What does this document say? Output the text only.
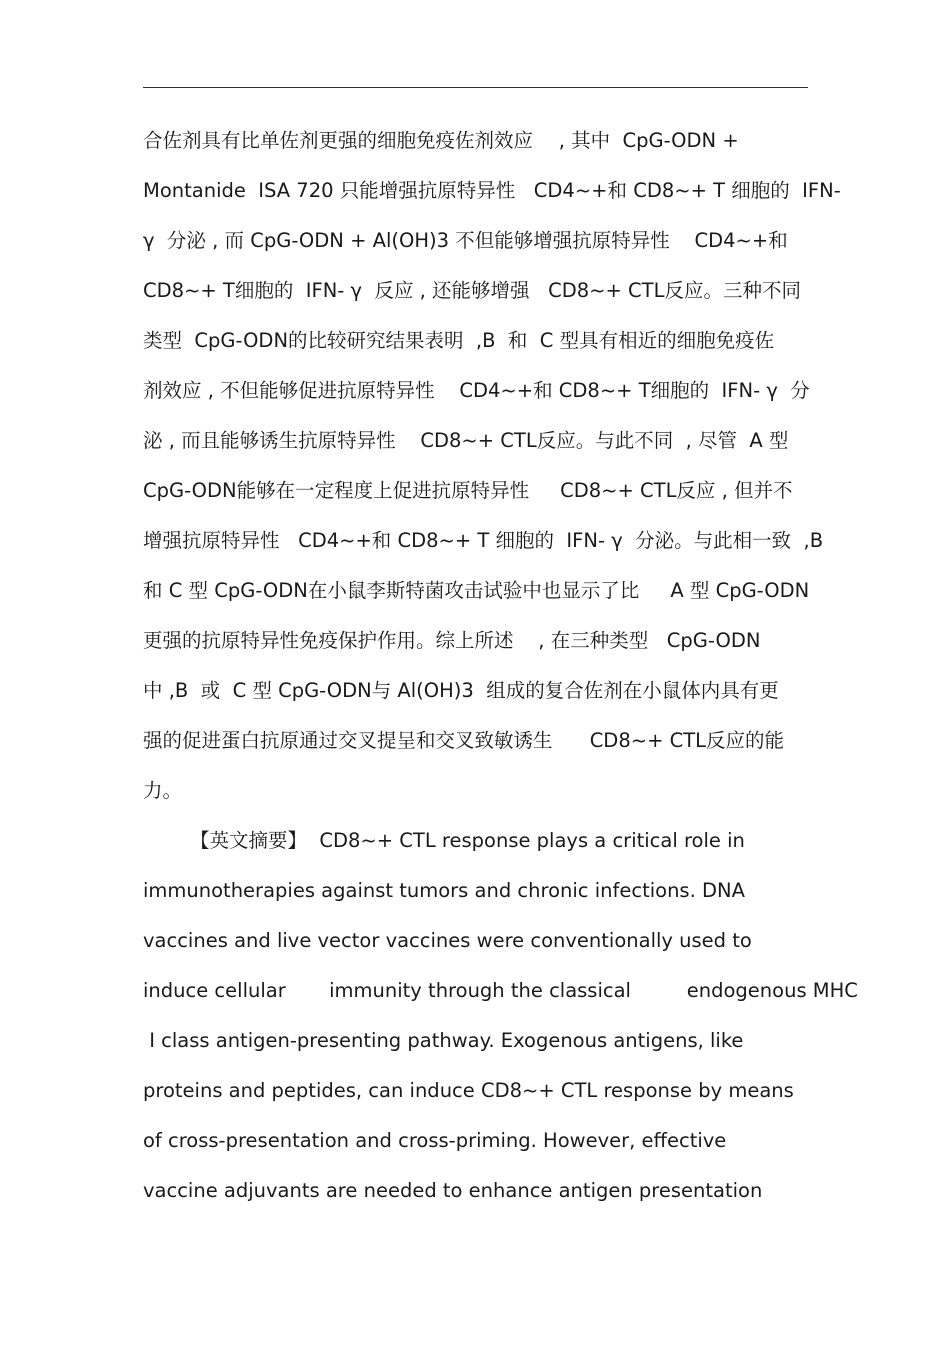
合佐剂具有比单佐剂更强的细胞免疫佐剂效应　 , 其中  CpG-ODN +
Montanide  ISA 720 只能增强抗原特异性   CD4~+和 CD8~+ T 细胞的  IFN-
γ  分泌 , 而 CpG-ODN + Al(OH)3 不但能够增强抗原特异性    CD4~+和
CD8~+ T细胞的  IFN- γ  反应 , 还能够增强   CD8~+ CTL反应。三种不同
类型  CpG-ODN的比较研究结果表明  ,B  和  C 型具有相近的细胞免疫佐
剂效应 , 不但能够促进抗原特异性    CD4~+和 CD8~+ T细胞的  IFN- γ  分
泌 , 而且能够诱生抗原特异性    CD8~+ CTL反应。与此不同  , 尽管  A 型
CpG-ODN能够在一定程度上促进抗原特异性     CD8~+ CTL反应 , 但并不
增强抗原特异性   CD4~+和 CD8~+ T 细胞的  IFN- γ  分泌。与此相一致  ,B
和 C 型 CpG-ODN在小鼠李斯特菌攻击试验中也显示了比     A 型 CpG-ODN
更强的抗原特异性免疫保护作用。综上所述    , 在三种类型   CpG-ODN
中 ,B  或  C 型 CpG-ODN与 Al(OH)3  组成的复合佐剂在小鼠体内具有更
强的促进蛋白抗原通过交叉提呈和交叉致敏诱生      CD8~+ CTL反应的能
力。
【英文摘要】  CD8~+ CTL response plays a critical role in
immunotherapies against tumors and chronic infections. DNA
vaccines and live vector vaccines were conventionally used to
induce cellular       immunity through the classical         endogenous MHC
Ⅰ class antigen-presenting pathway. Exogenous antigens, like
proteins and peptides, can induce CD8~+ CTL response by means
of cross-presentation and cross-priming. However, effective
vaccine adjuvants are needed to enhance antigen presentation
